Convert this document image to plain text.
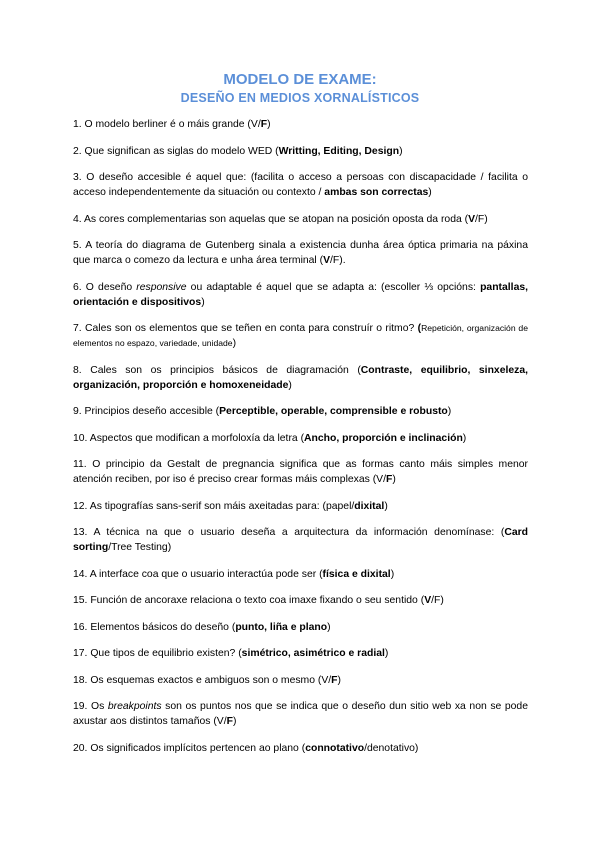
MODELO DE EXAME:
DESEÑO EN MEDIOS XORNALÍSTICOS

1. O modelo berliner é o máis grande (V/F)

2. Que significan as siglas do modelo WED (Writting, Editing, Design)

3. O deseño accesible é aquel que: (facilita o acceso a persoas con discapacidade / facilita o acceso independentemente da situación ou contexto / ambas son correctas)

4. As cores complementarias son aquelas que se atopan na posición oposta da roda (V/F)

5. A teoría do diagrama de Gutenberg sinala a existencia dunha área óptica primaria na páxina que marca o comezo da lectura e unha área terminal (V/F).

6. O deseño responsive ou adaptable é aquel que se adapta a: (escoller ⅓ opcións: pantallas, orientación e dispositivos)

7. Cales son os elementos que se teñen en conta para construír o ritmo? (Repetición, organización de elementos no espazo, variedade, unidade)

8. Cales son os principios básicos de diagramación (Contraste, equilibrio, sinxeleza, organización, proporción e homoxeneidade)

9. Principios deseño accesible (Perceptible, operable, comprensible e robusto)

10. Aspectos que modifican a morfoloxía da letra (Ancho, proporción e inclinación)

11. O principio da Gestalt de pregnancia significa que as formas canto máis simples menor atención reciben, por iso é preciso crear formas máis complexas (V/F)

12. As tipografías sans-serif son máis axeitadas para: (papel/dixital)

13. A técnica na que o usuario deseña a arquitectura da información denomínase: (Card sorting/Tree Testing)

14. A interface coa que o usuario interactúa pode ser (física e dixital)

15. Función de ancoraxe relaciona o texto coa imaxe fixando o seu sentido (V/F)

16. Elementos básicos do deseño (punto, liña e plano)

17. Que tipos de equilibrio existen? (simétrico, asimétrico e radial)

18. Os esquemas exactos e ambiguos son o mesmo (V/F)

19. Os breakpoints son os puntos nos que se indica que o deseño dun sitio web xa non se pode axustar aos distintos tamaños (V/F)

20. Os significados implícitos pertencen ao plano (connotativo/denotativo)
